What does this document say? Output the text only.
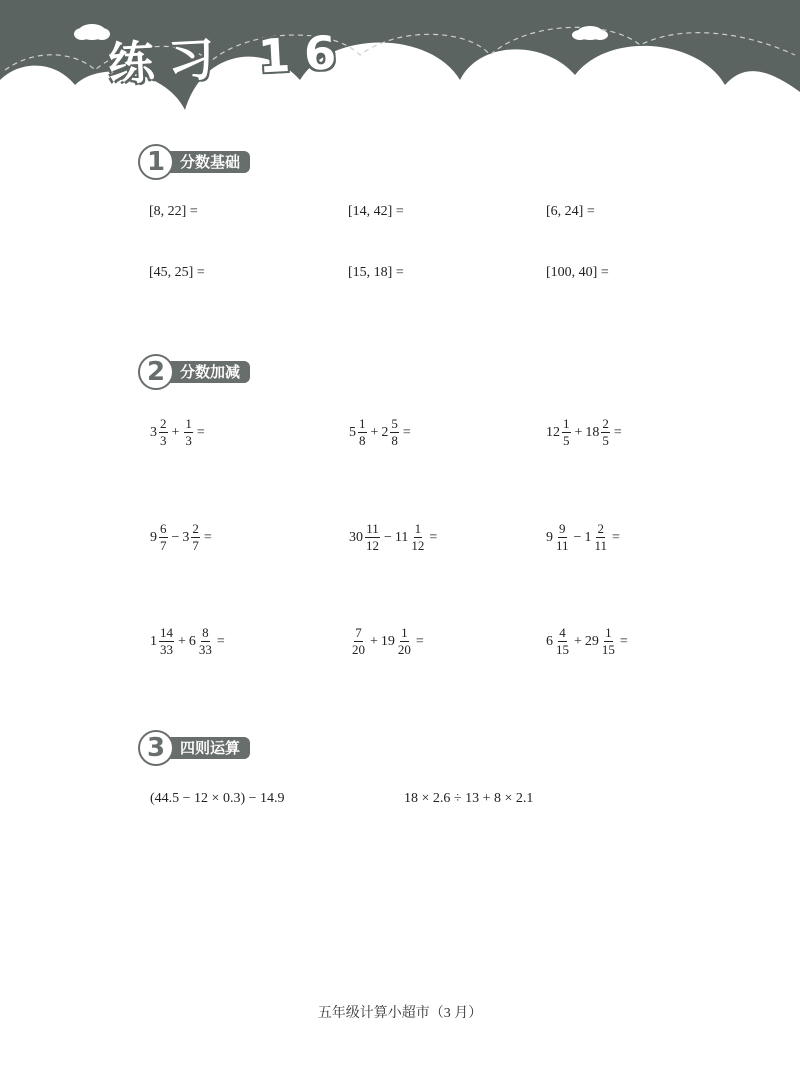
练习 16
1 分数基础
[8, 22] =	[14, 42] =	[6, 24] =
[45, 25] =	[15, 18] =	[100, 40] =
2 分数加减
$3 \frac{2}{3} + \frac{1}{3}$ =	$5 \frac{1}{8} + 2 \frac{5}{8}$ =	$12 \frac{1}{5} + 18 \frac{2}{5}$ =
$9 \frac{6}{7} - 3 \frac{2}{7}$ =	$30 \frac{11}{12} - 11 \frac{1}{12}$ =	$9 \frac{9}{11} - 1 \frac{2}{11}$ =
$1 \frac{14}{33} + 6 \frac{8}{33}$ =	$\frac{7}{20} + 19 \frac{1}{20}$ =	$6 \frac{4}{15} + 29 \frac{1}{15}$ =
3 四则运算
(44.5 − 12 × 0.3) − 14.9	18 × 2.6 ÷ 13 + 8 × 2.1
五年级计算小超市（3 月）
